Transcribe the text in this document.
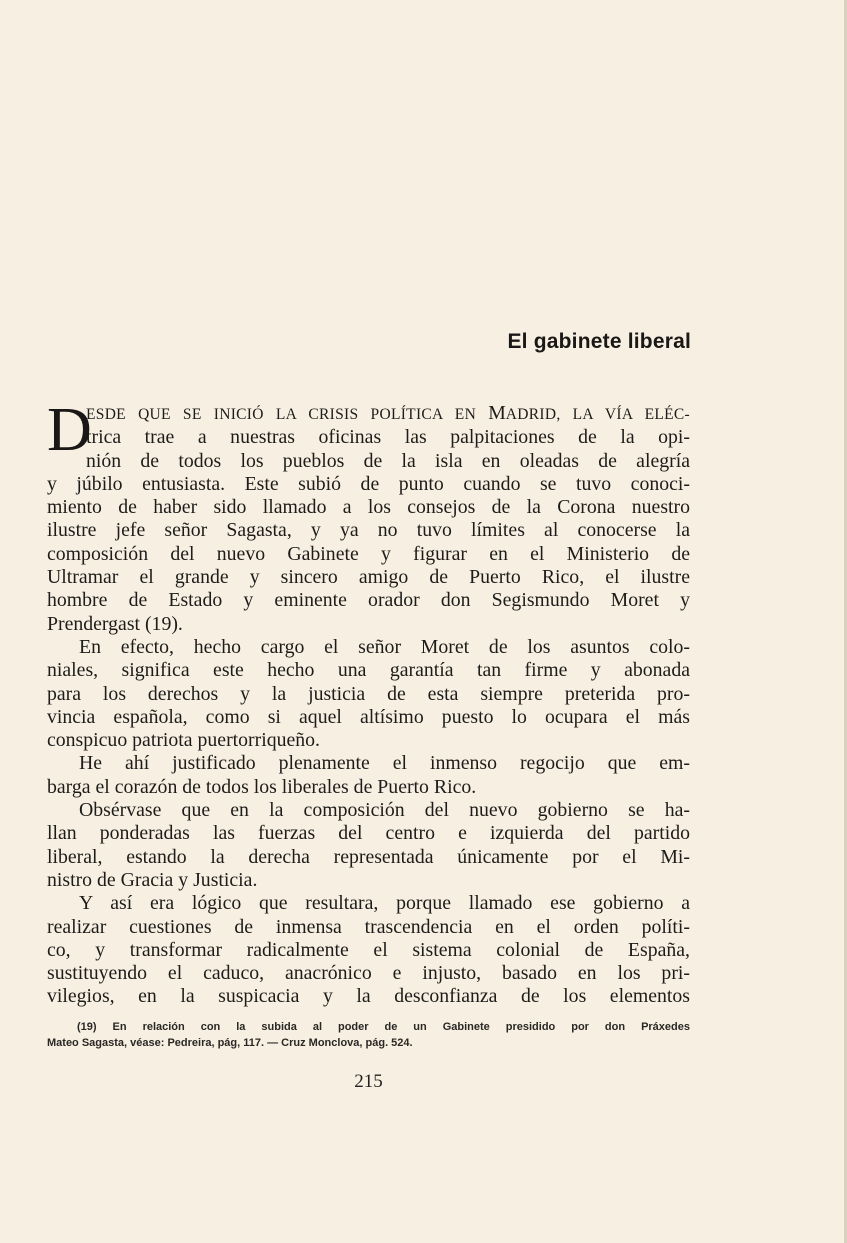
El gabinete liberal
D
ESDE QUE SE INICIÓ LA CRISIS POLÍTICA EN MADRID, LA VÍA ELÉC-
trica trae a nuestras oficinas las palpitaciones de la opi-
nión de todos los pueblos de la isla en oleadas de alegría
y júbilo entusiasta. Este subió de punto cuando se tuvo conoci-
miento de haber sido llamado a los consejos de la Corona nuestro
ilustre jefe señor Sagasta, y ya no tuvo límites al conocerse la
composición del nuevo Gabinete y figurar en el Ministerio de
Ultramar el grande y sincero amigo de Puerto Rico, el ilustre
hombre de Estado y eminente orador don Segismundo Moret y
Prendergast (19).
En efecto, hecho cargo el señor Moret de los asuntos colo-
niales, significa este hecho una garantía tan firme y abonada
para los derechos y la justicia de esta siempre preterida pro-
vincia española, como si aquel altísimo puesto lo ocupara el más
conspicuo patriota puertorriqueño.
He ahí justificado plenamente el inmenso regocijo que em-
barga el corazón de todos los liberales de Puerto Rico.
Obsérvase que en la composición del nuevo gobierno se ha-
llan ponderadas las fuerzas del centro e izquierda del partido
liberal, estando la derecha representada únicamente por el Mi-
nistro de Gracia y Justicia.
Y así era lógico que resultara, porque llamado ese gobierno a
realizar cuestiones de inmensa trascendencia en el orden políti-
co, y transformar radicalmente el sistema colonial de España,
sustituyendo el caduco, anacrónico e injusto, basado en los pri-
vilegios, en la suspicacia y la desconfianza de los elementos
(19) En relación con la subida al poder de un Gabinete presidido por don Práxedes
Mateo Sagasta, véase: Pedreira, pág, 117. — Cruz Monclova, pág. 524.
215
